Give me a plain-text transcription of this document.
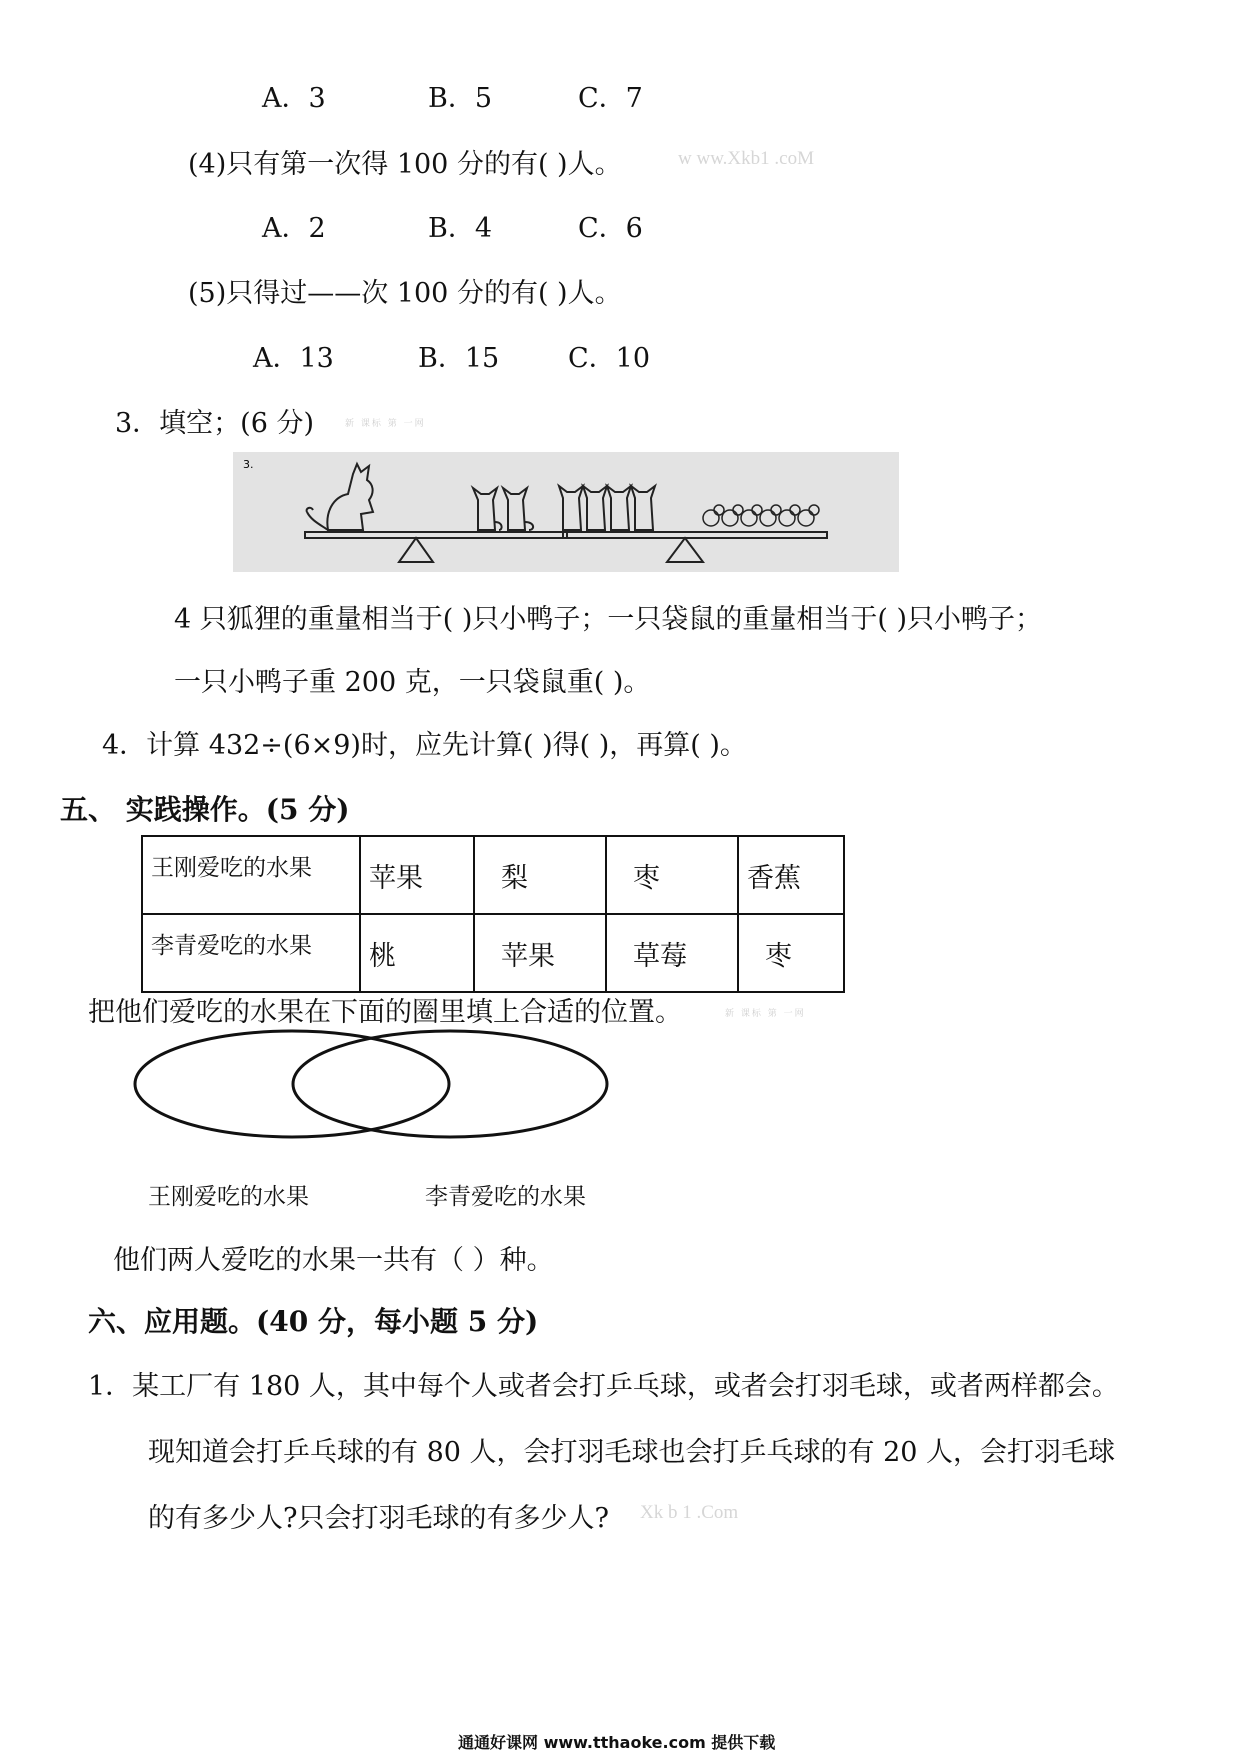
A．3	B．5	C．7
(4)只有第一次得 100 分的有( )人。	w ww.Xkb1 .coM
A．2	B．4	C．6
(5)只得过——次 100 分的有( )人。
A．13	B．15	C．10
3．填空；(6 分)	新 课标 第 一网
3.
4 只狐狸的重量相当于( )只小鸭子；一只袋鼠的重量相当于( )只小鸭子；
一只小鸭子重 200 克，一只袋鼠重( )。
4．计算 432÷(6×9)时，应先计算( )得( )，再算( )。
五、 实践操作。(5 分)
王刚爱吃的水果	苹果	梨	枣	香蕉
李青爱吃的水果	桃	苹果	草莓	枣
把他们爱吃的水果在下面的圈里填上合适的位置。	新 课标 第 一网
王刚爱吃的水果	李青爱吃的水果
他们两人爱吃的水果一共有（ ）种。
六、应用题。(40 分，每小题 5 分)
1．某工厂有 180 人，其中每个人或者会打乒乓球，或者会打羽毛球，或者两样都会。
现知道会打乒乓球的有 80 人，会打羽毛球也会打乒乓球的有 20 人，会打羽毛球
的有多少人?只会打羽毛球的有多少人? Xk b 1 .Com
通通好课网 www.tthaoke.com 提供下载
